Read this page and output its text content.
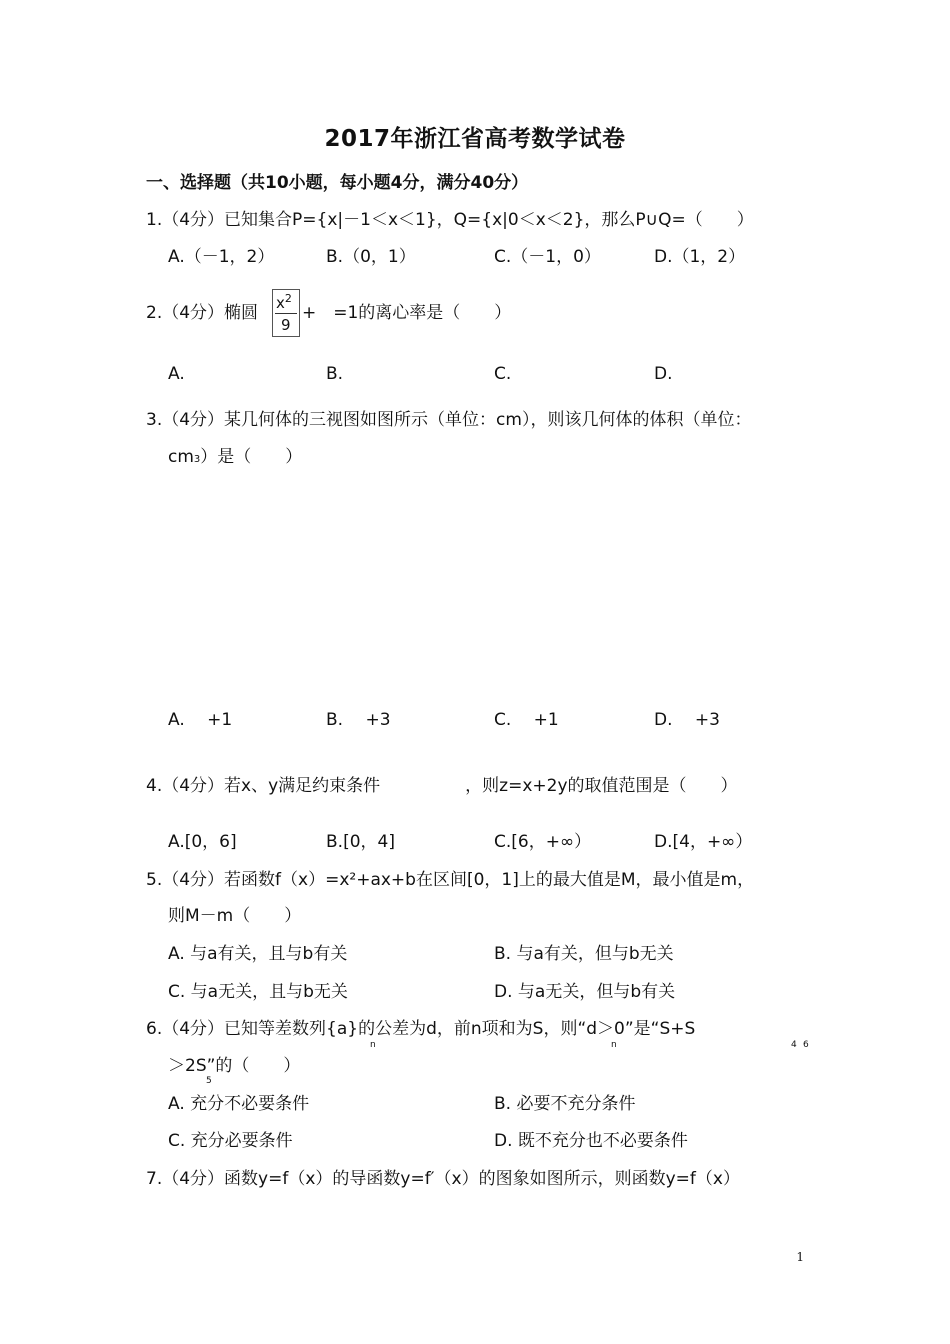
2017年浙江省高考数学试卷
一、选择题（共10小题，每小题4分，满分40分）
1.（4分）已知集合P={x|－1＜x＜1}，Q={x|0＜x＜2}，那么P∪Q=（　　）
A.（－1，2）	B.（0，1）	C.（－1，0）	D.（1，2）
2.（4分）椭圆 $x^2$
9
+　=1的离心率是（　　）
A.	B.	C.	D.
3.（4分）某几何体的三视图如图所示（单位：cm），则该几何体的体积（单位：
cm3）是（　　）
A.　 +1	B.　 +3	C.　 +1	D.　 +3
4.（4分）若x、y满足约束条件　　　　　，则z=x+2y的取值范围是（　　）
A.[0，6]	B.[0，4]	C.[6，+∞）	D.[4，+∞）
5.（4分）若函数f（x）=x²+ax+b在区间[0，1]上的最大值是M，最小值是m，
则M－m（　　）
A. 与a有关，且与b有关	B. 与a有关，但与b无关
C. 与a无关，且与b无关	D. 与a无关，但与b有关
6.（4分）已知等差数列{a}的公差为d，前n项和为S，则“d＞0”是“S+S
n	n	4 6
＞2S”的（　　）
5
A. 充分不必要条件	B. 必要不充分条件
C. 充分必要条件	D. 既不充分也不必要条件
7.（4分）函数y=f（x）的导函数y=f′（x）的图象如图所示，则函数y=f（x）
1
